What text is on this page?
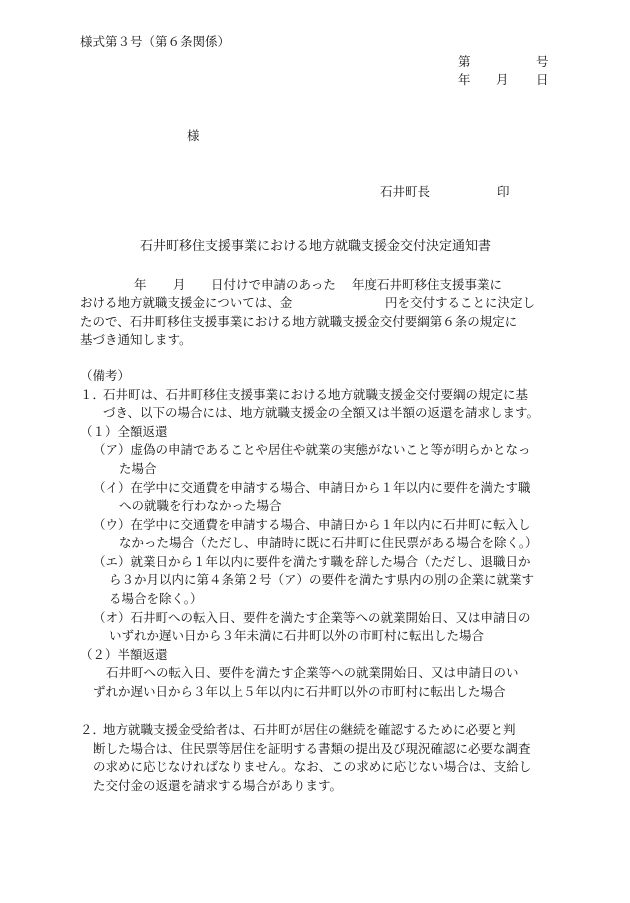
様式第３号（第６条関係）
第	号
年 月 日
様
石井町長	印
石井町移住支援事業における地方就職支援金交付決定通知書
年 月 日付けで申請のあった 年度石井町移住支援事業に
おける地方就職支援金については、金	円を交付することに決定し
たので、石井町移住支援事業における地方就職支援金交付要綱第６条の規定に
基づき通知します。
（備考）
１．
石井町は、石井町移住支援事業における地方就職支援金交付要綱の規定に基
づき、以下の場合には、地方就職支援金の全額又は半額の返還を請求します。
（１）全額返還
（ア）虚偽の申請であることや居住や就業の実態がないこと等が明らかとなっ
た場合
（イ）在学中に交通費を申請する場合、申請日から１年以内に要件を満たす職
への就職を行わなかった場合
（ウ）在学中に交通費を申請する場合、申請日から１年以内に石井町に転入し
なかった場合（ただし、申請時に既に石井町に住民票がある場合を除く。）
（エ）就業日から１年以内に要件を満たす職を辞した場合（ただし、退職日か
ら３か月以内に第４条第２号（ア）の要件を満たす県内の別の企業に就業す
る場合を除く。）
（オ）石井町への転入日、要件を満たす企業等への就業開始日、又は申請日の
いずれか遅い日から３年未満に石井町以外の市町村に転出した場合
（２）半額返還
石井町への転入日、要件を満たす企業等への就業開始日、又は申請日のい
ずれか遅い日から３年以上５年以内に石井町以外の市町村に転出した場合
２．
地方就職支援金受給者は、石井町が居住の継続を確認するために必要と判
断した場合は、住民票等居住を証明する書類の提出及び現況確認に必要な調査
の求めに応じなければなりません。なお、この求めに応じない場合は、支給し
た交付金の返還を請求する場合があります。
